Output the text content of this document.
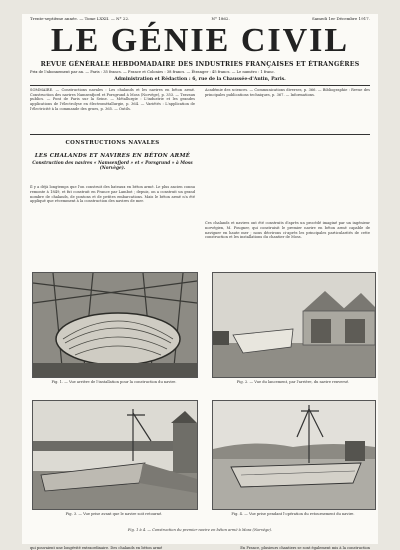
Trente-septième année. — Tome LXXII. — N° 22.	N° 1862.	Samedi 1er Décembre 1917.
LE GÉNIE CIVIL
REVUE GÉNÉRALE HEBDOMADAIRE DES INDUSTRIES FRANÇAISES ET ÉTRANGÈRES
Prix de l'abonnement par an. — Paris : 35 francs. — France et Colonies : 38 francs. — Étranger : 45 francs. — Le numéro : 1 franc.
Administration et Rédaction : 6, rue de la Chaussée-d'Antin, Paris.
SOMMAIRE. — Constructions navales : Les chalands et les navires en béton armé. Construction des navires Namsenfjord et Porsgrund à Moss (Norvège), p. 353. — Travaux publics. — Pont de Paris sur la Seine. — Métallurgie : L'industrie et les grandes applications de l'électrolyse en électrométallurgie, p. 364. — Variétés : L'application de l'électricité à la commande des grues, p. 365. — Outils.
Académie des sciences. — Communications diverses, p. 366. — Bibliographie : Revue des principales publications techniques, p. 367. — Informations.
CONSTRUCTIONS NAVALES
LES CHALANDS ET NAVIRES EN BÉTON ARMÉ
Construction des navires « Namsenfjord » et « Porsgrund » à Moss (Norvège).
Il y a déjà longtemps que l'on construit des bateaux en béton armé. Le plus ancien connu remonte à 1849, et fut construit en France par Lambot ; depuis, on a construit un grand nombre de chalands, de pontons et de petites embarcations. Mais le béton armé n'a été appliqué que récemment à la construction des navires de mer.
Ces chalands et navires ont été construits d'après un procédé imaginé par un ingénieur norvégien, M. Fougner, qui construisit le premier navire en béton armé capable de naviguer en haute mer ; nous décrirons ci-après les principales particularités de cette construction et les installations du chantier de Moss.
Fig. 1. — Vue arrière de l'installation pour la construction du navire.	Fig. 2. — Vue du lancement, par l'arrière, du navire renversé.
Fig. 3. — Vue prise avant que le navire soit retourné.	Fig. 4. — Vue prise pendant l'opération du retournement du navire.
Fig. 1 à 4. — Construction du premier navire en béton armé à Moss (Norvège).
qui pouvaient une longévité extraordinaire. Des chalands en béton armé	En France, plusieurs chantiers se sont également mis à la construction
